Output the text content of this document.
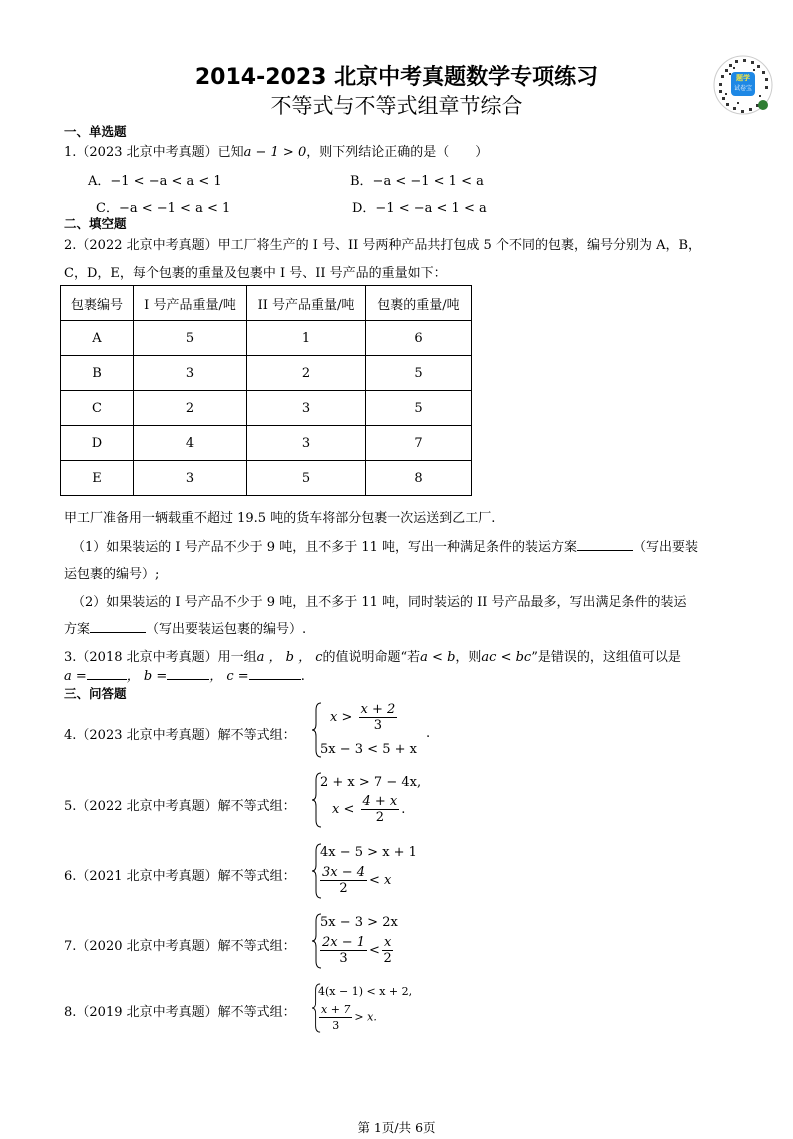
2014-2023 北京中考真题数学专项练习
不等式与不等式组章节综合
题学
试卷宝
一、单选题
1.（2023 北京中考真题）已知a − 1 > 0，则下列结论正确的是（　　）
A．−1 < −a < a < 1	B．−a < −1 < 1 < a
C．−a < −1 < a < 1	D．−1 < −a < 1 < a
二、填空题
2.（2022 北京中考真题）甲工厂将生产的 I 号、II 号两种产品共打包成 5 个不同的包裹，编号分别为 A，B，
C，D，E，每个包裹的重量及包裹中 I 号、II 号产品的重量如下：
包裹编号	I 号产品重量/吨	II 号产品重量/吨	包裹的重量/吨
A	5	1	6
B	3	2	5
C	2	3	5
D	4	3	7
E	3	5	8
甲工厂准备用一辆载重不超过 19.5 吨的货车将部分包裹一次运送到乙工厂.
（1）如果装运的 I 号产品不少于 9 吨，且不多于 11 吨，写出一种满足条件的装运方案	（写出要装
运包裹的编号）;
（2）如果装运的 I 号产品不少于 9 吨，且不多于 11 吨，同时装运的 II 号产品最多，写出满足条件的装运
方案	（写出要装运包裹的编号）.
3.（2018 北京中考真题）用一组a ， b ， c的值说明命题“若a < b，则ac < bc”是错误的，这组值可以是
a =	， b =	， c =	.
三、问答题
4.（2023 北京中考真题）解不等式组：
$x > \frac{x + 2}{3}$
5x − 3 < 5 + x
.
5.（2022 北京中考真题）解不等式组：
2 + x > 7 − 4x,
$x < \frac{4 + x}{2}$ .
6.（2021 北京中考真题）解不等式组：
4x − 5 > x + 1
$\frac{3x - 4}{2} < x$
7.（2020 北京中考真题）解不等式组：
5x − 3 > 2x
$\frac{2x - 1}{3} < \frac{x}{2}$
8.（2019 北京中考真题）解不等式组：
4(x − 1) < x + 2,
$\frac{x + 7}{3} > x$.
第 1页/共 6页
